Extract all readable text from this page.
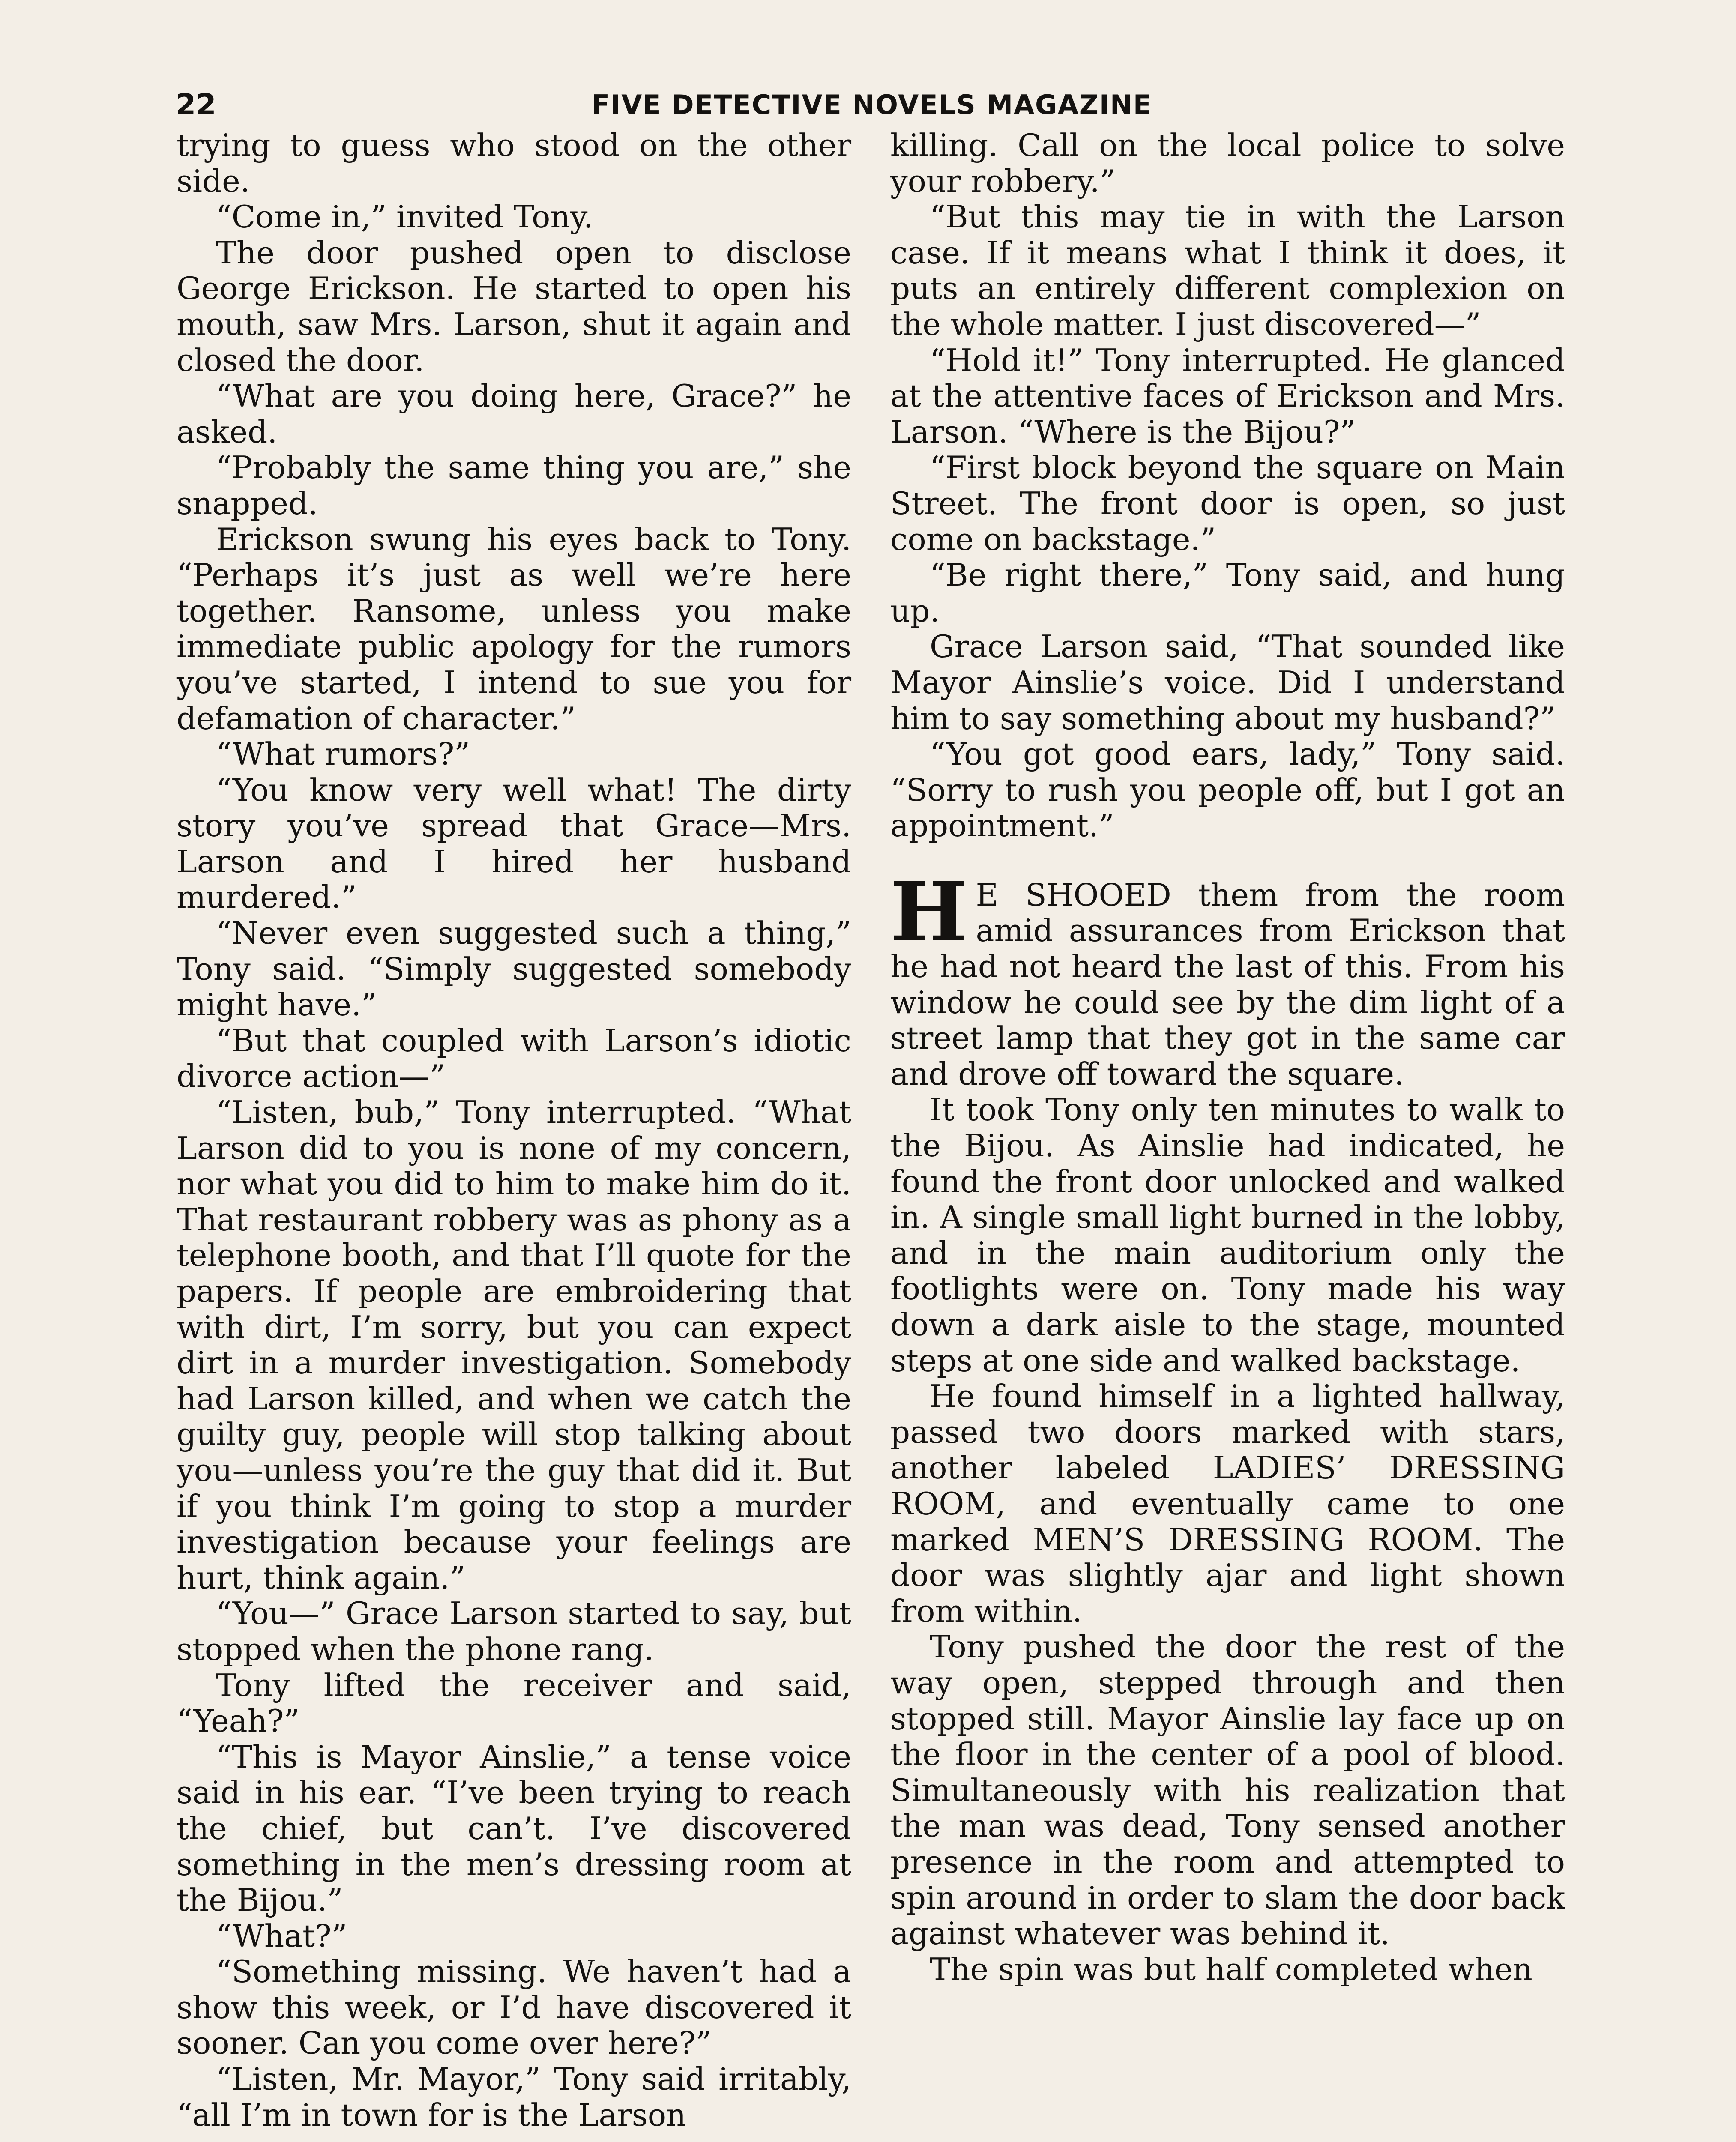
22	FIVE DETECTIVE NOVELS MAGAZINE

trying to guess who stood on the other side.

“Come in,” invited Tony.

The door pushed open to disclose George Erickson. He started to open his mouth, saw Mrs. Larson, shut it again and closed the door.

“What are you doing here, Grace?” he asked.

“Probably the same thing you are,” she snapped.

Erickson swung his eyes back to Tony. “Perhaps it’s just as well we’re here together. Ransome, unless you make immediate public apology for the rumors you’ve started, I intend to sue you for defamation of character.”

“What rumors?”

“You know very well what! The dirty story you’ve spread that Grace—Mrs. Larson and I hired her husband murdered.”

“Never even suggested such a thing,” Tony said. “Simply suggested somebody might have.”

“But that coupled with Larson’s idiotic divorce action—”

“Listen, bub,” Tony interrupted. “What Larson did to you is none of my concern, nor what you did to him to make him do it. That restaurant robbery was as phony as a telephone booth, and that I’ll quote for the papers. If people are embroidering that with dirt, I’m sorry, but you can expect dirt in a murder investigation. Somebody had Larson killed, and when we catch the guilty guy, people will stop talking about you—unless you’re the guy that did it. But if you think I’m going to stop a murder investigation because your feelings are hurt, think again.”

“You—” Grace Larson started to say, but stopped when the phone rang.

Tony lifted the receiver and said, “Yeah?”

“This is Mayor Ainslie,” a tense voice said in his ear. “I’ve been trying to reach the chief, but can’t. I’ve discovered something in the men’s dressing room at the Bijou.”

“What?”

“Something missing. We haven’t had a show this week, or I’d have discovered it sooner. Can you come over here?”

“Listen, Mr. Mayor,” Tony said irritably, “all I’m in town for is the Larson

killing. Call on the local police to solve your robbery.”

“But this may tie in with the Larson case. If it means what I think it does, it puts an entirely different complexion on the whole matter. I just discovered—”

“Hold it!” Tony interrupted. He glanced at the attentive faces of Erickson and Mrs. Larson. “Where is the Bijou?”

“First block beyond the square on Main Street. The front door is open, so just come on backstage.”

“Be right there,” Tony said, and hung up.

Grace Larson said, “That sounded like Mayor Ainslie’s voice. Did I understand him to say something about my husband?”

“You got good ears, lady,” Tony said. “Sorry to rush you people off, but I got an appointment.”

H E SHOOED them from the room amid assurances from Erickson that he had not heard the last of this. From his window he could see by the dim light of a street lamp that they got in the same car and drove off toward the square.

It took Tony only ten minutes to walk to the Bijou. As Ainslie had indicated, he found the front door unlocked and walked in. A single small light burned in the lobby, and in the main auditorium only the footlights were on. Tony made his way down a dark aisle to the stage, mounted steps at one side and walked backstage.

He found himself in a lighted hallway, passed two doors marked with stars, another labeled LADIES’ DRESSING ROOM, and eventually came to one marked MEN’S DRESSING ROOM. The door was slightly ajar and light shown from within.

Tony pushed the door the rest of the way open, stepped through and then stopped still. Mayor Ainslie lay face up on the floor in the center of a pool of blood. Simultaneously with his realization that the man was dead, Tony sensed another presence in the room and attempted to spin around in order to slam the door back against whatever was behind it.

The spin was but half completed when
